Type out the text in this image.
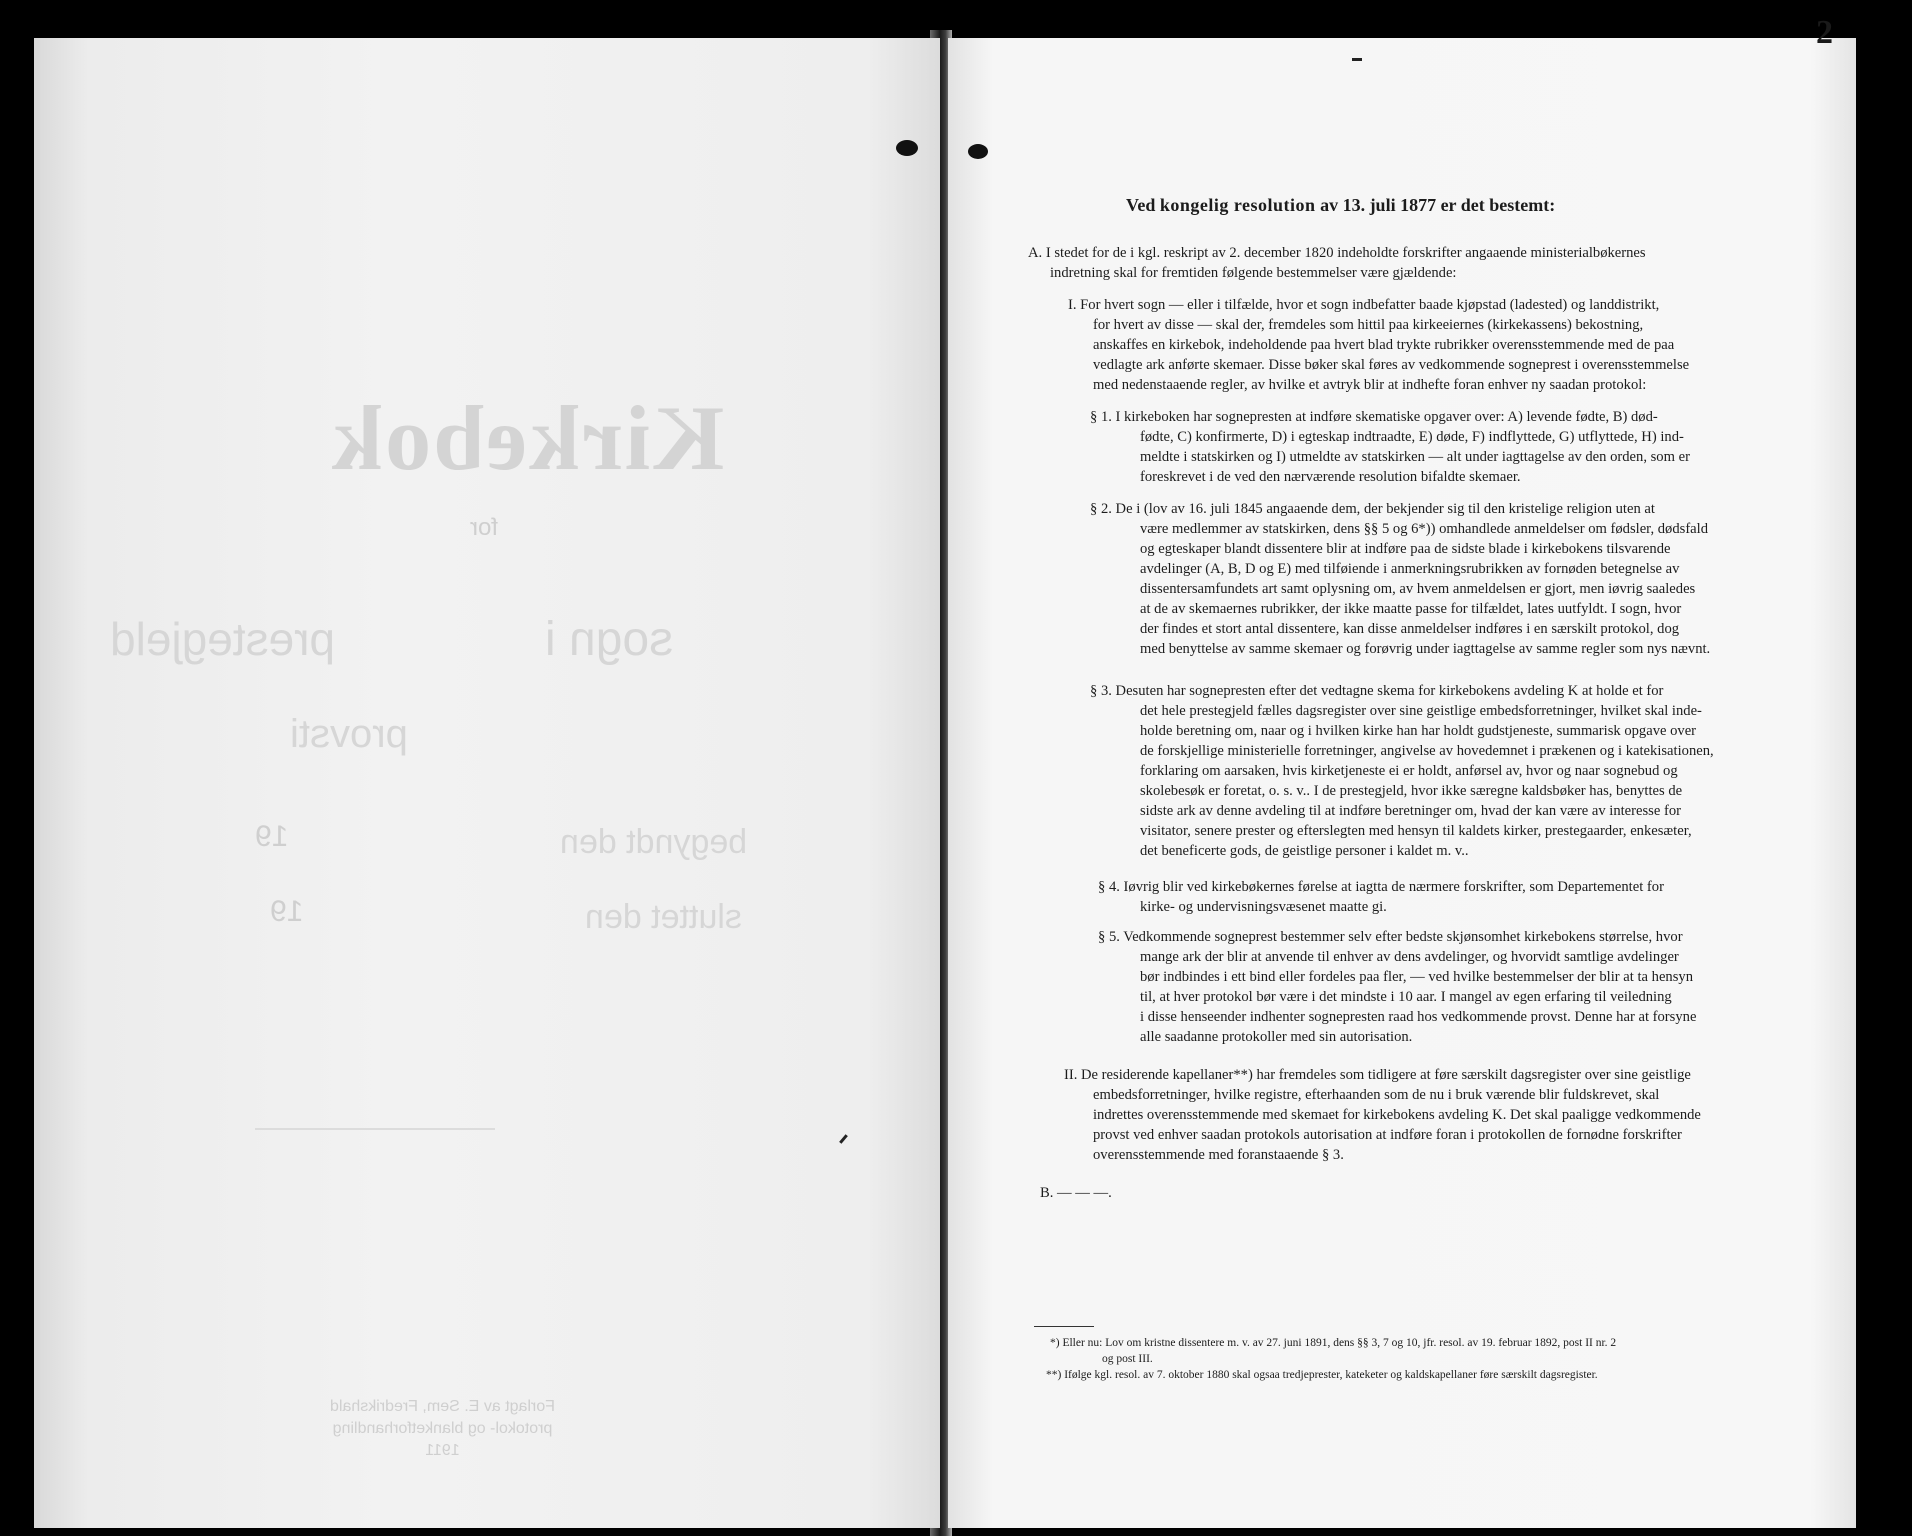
Kirkebok
for
sogn i
prestegjeld
provsti
19	begyndt den
19	sluttet den
Forlagt av E. Sem, Fredrikshald
protokol- og blanketforhandling
1911
2
Ved kongelig resolution av 13. juli 1877 er det bestemt:
A. I stedet for de i kgl. reskript av 2. december 1820 indeholdte forskrifter angaaende ministerialbøkernes
indretning skal for fremtiden følgende bestemmelser være gjældende:
I. For hvert sogn — eller i tilfælde, hvor et sogn indbefatter baade kjøpstad (ladested) og landdistrikt,
for hvert av disse — skal der, fremdeles som hittil paa kirkeeiernes (kirkekassens) bekostning,
anskaffes en kirkebok, indeholdende paa hvert blad trykte rubrikker overensstemmende med de paa
vedlagte ark anførte skemaer. Disse bøker skal føres av vedkommende sogneprest i overensstemmelse
med nedenstaaende regler, av hvilke et avtryk blir at indhefte foran enhver ny saadan protokol:
§ 1. I kirkeboken har sognepresten at indføre skematiske opgaver over: A) levende fødte, B) død-
fødte, C) konfirmerte, D) i egteskap indtraadte, E) døde, F) indflyttede, G) utflyttede, H) ind-
meldte i statskirken og I) utmeldte av statskirken — alt under iagttagelse av den orden, som er
foreskrevet i de ved den nærværende resolution bifaldte skemaer.
§ 2. De i (lov av 16. juli 1845 angaaende dem, der bekjender sig til den kristelige religion uten at
være medlemmer av statskirken, dens §§ 5 og 6*)) omhandlede anmeldelser om fødsler, dødsfald
og egteskaper blandt dissentere blir at indføre paa de sidste blade i kirkebokens tilsvarende
avdelinger (A, B, D og E) med tilføiende i anmerkningsrubrikken av fornøden betegnelse av
dissentersamfundets art samt oplysning om, av hvem anmeldelsen er gjort, men iøvrig saaledes
at de av skemaernes rubrikker, der ikke maatte passe for tilfældet, lates uutfyldt. I sogn, hvor
der findes et stort antal dissentere, kan disse anmeldelser indføres i en særskilt protokol, dog
med benyttelse av samme skemaer og forøvrig under iagttagelse av samme regler som nys nævnt.
§ 3. Desuten har sognepresten efter det vedtagne skema for kirkebokens avdeling K at holde et for
det hele prestegjeld fælles dagsregister over sine geistlige embedsforretninger, hvilket skal inde-
holde beretning om, naar og i hvilken kirke han har holdt gudstjeneste, summarisk opgave over
de forskjellige ministerielle forretninger, angivelse av hovedemnet i prækenen og i katekisationen,
forklaring om aarsaken, hvis kirketjeneste ei er holdt, anførsel av, hvor og naar sognebud og
skolebesøk er foretat, o. s. v.. I de prestegjeld, hvor ikke særegne kaldsbøker has, benyttes de
sidste ark av denne avdeling til at indføre beretninger om, hvad der kan være av interesse for
visitator, senere prester og efterslegten med hensyn til kaldets kirker, prestegaarder, enkesæter,
det beneficerte gods, de geistlige personer i kaldet m. v..
§ 4. Iøvrig blir ved kirkebøkernes førelse at iagtta de nærmere forskrifter, som Departementet for
kirke- og undervisningsvæsenet maatte gi.
§ 5. Vedkommende sogneprest bestemmer selv efter bedste skjønsomhet kirkebokens størrelse, hvor
mange ark der blir at anvende til enhver av dens avdelinger, og hvorvidt samtlige avdelinger
bør indbindes i ett bind eller fordeles paa fler, — ved hvilke bestemmelser der blir at ta hensyn
til, at hver protokol bør være i det mindste i 10 aar. I mangel av egen erfaring til veiledning
i disse henseender indhenter sognepresten raad hos vedkommende provst. Denne har at forsyne
alle saadanne protokoller med sin autorisation.
II. De residerende kapellaner**) har fremdeles som tidligere at føre særskilt dagsregister over sine geistlige
embedsforretninger, hvilke registre, efterhaanden som de nu i bruk værende blir fuldskrevet, skal
indrettes overensstemmende med skemaet for kirkebokens avdeling K. Det skal paaligge vedkommende
provst ved enhver saadan protokols autorisation at indføre foran i protokollen de fornødne forskrifter
overensstemmende med foranstaaende § 3.
B. — — —.
*) Eller nu: Lov om kristne dissentere m. v. av 27. juni 1891, dens §§ 3, 7 og 10, jfr. resol. av 19. februar 1892, post II nr. 2
og post III.
**) Ifølge kgl. resol. av 7. oktober 1880 skal ogsaa tredjeprester, kateketer og kaldskapellaner føre særskilt dagsregister.
